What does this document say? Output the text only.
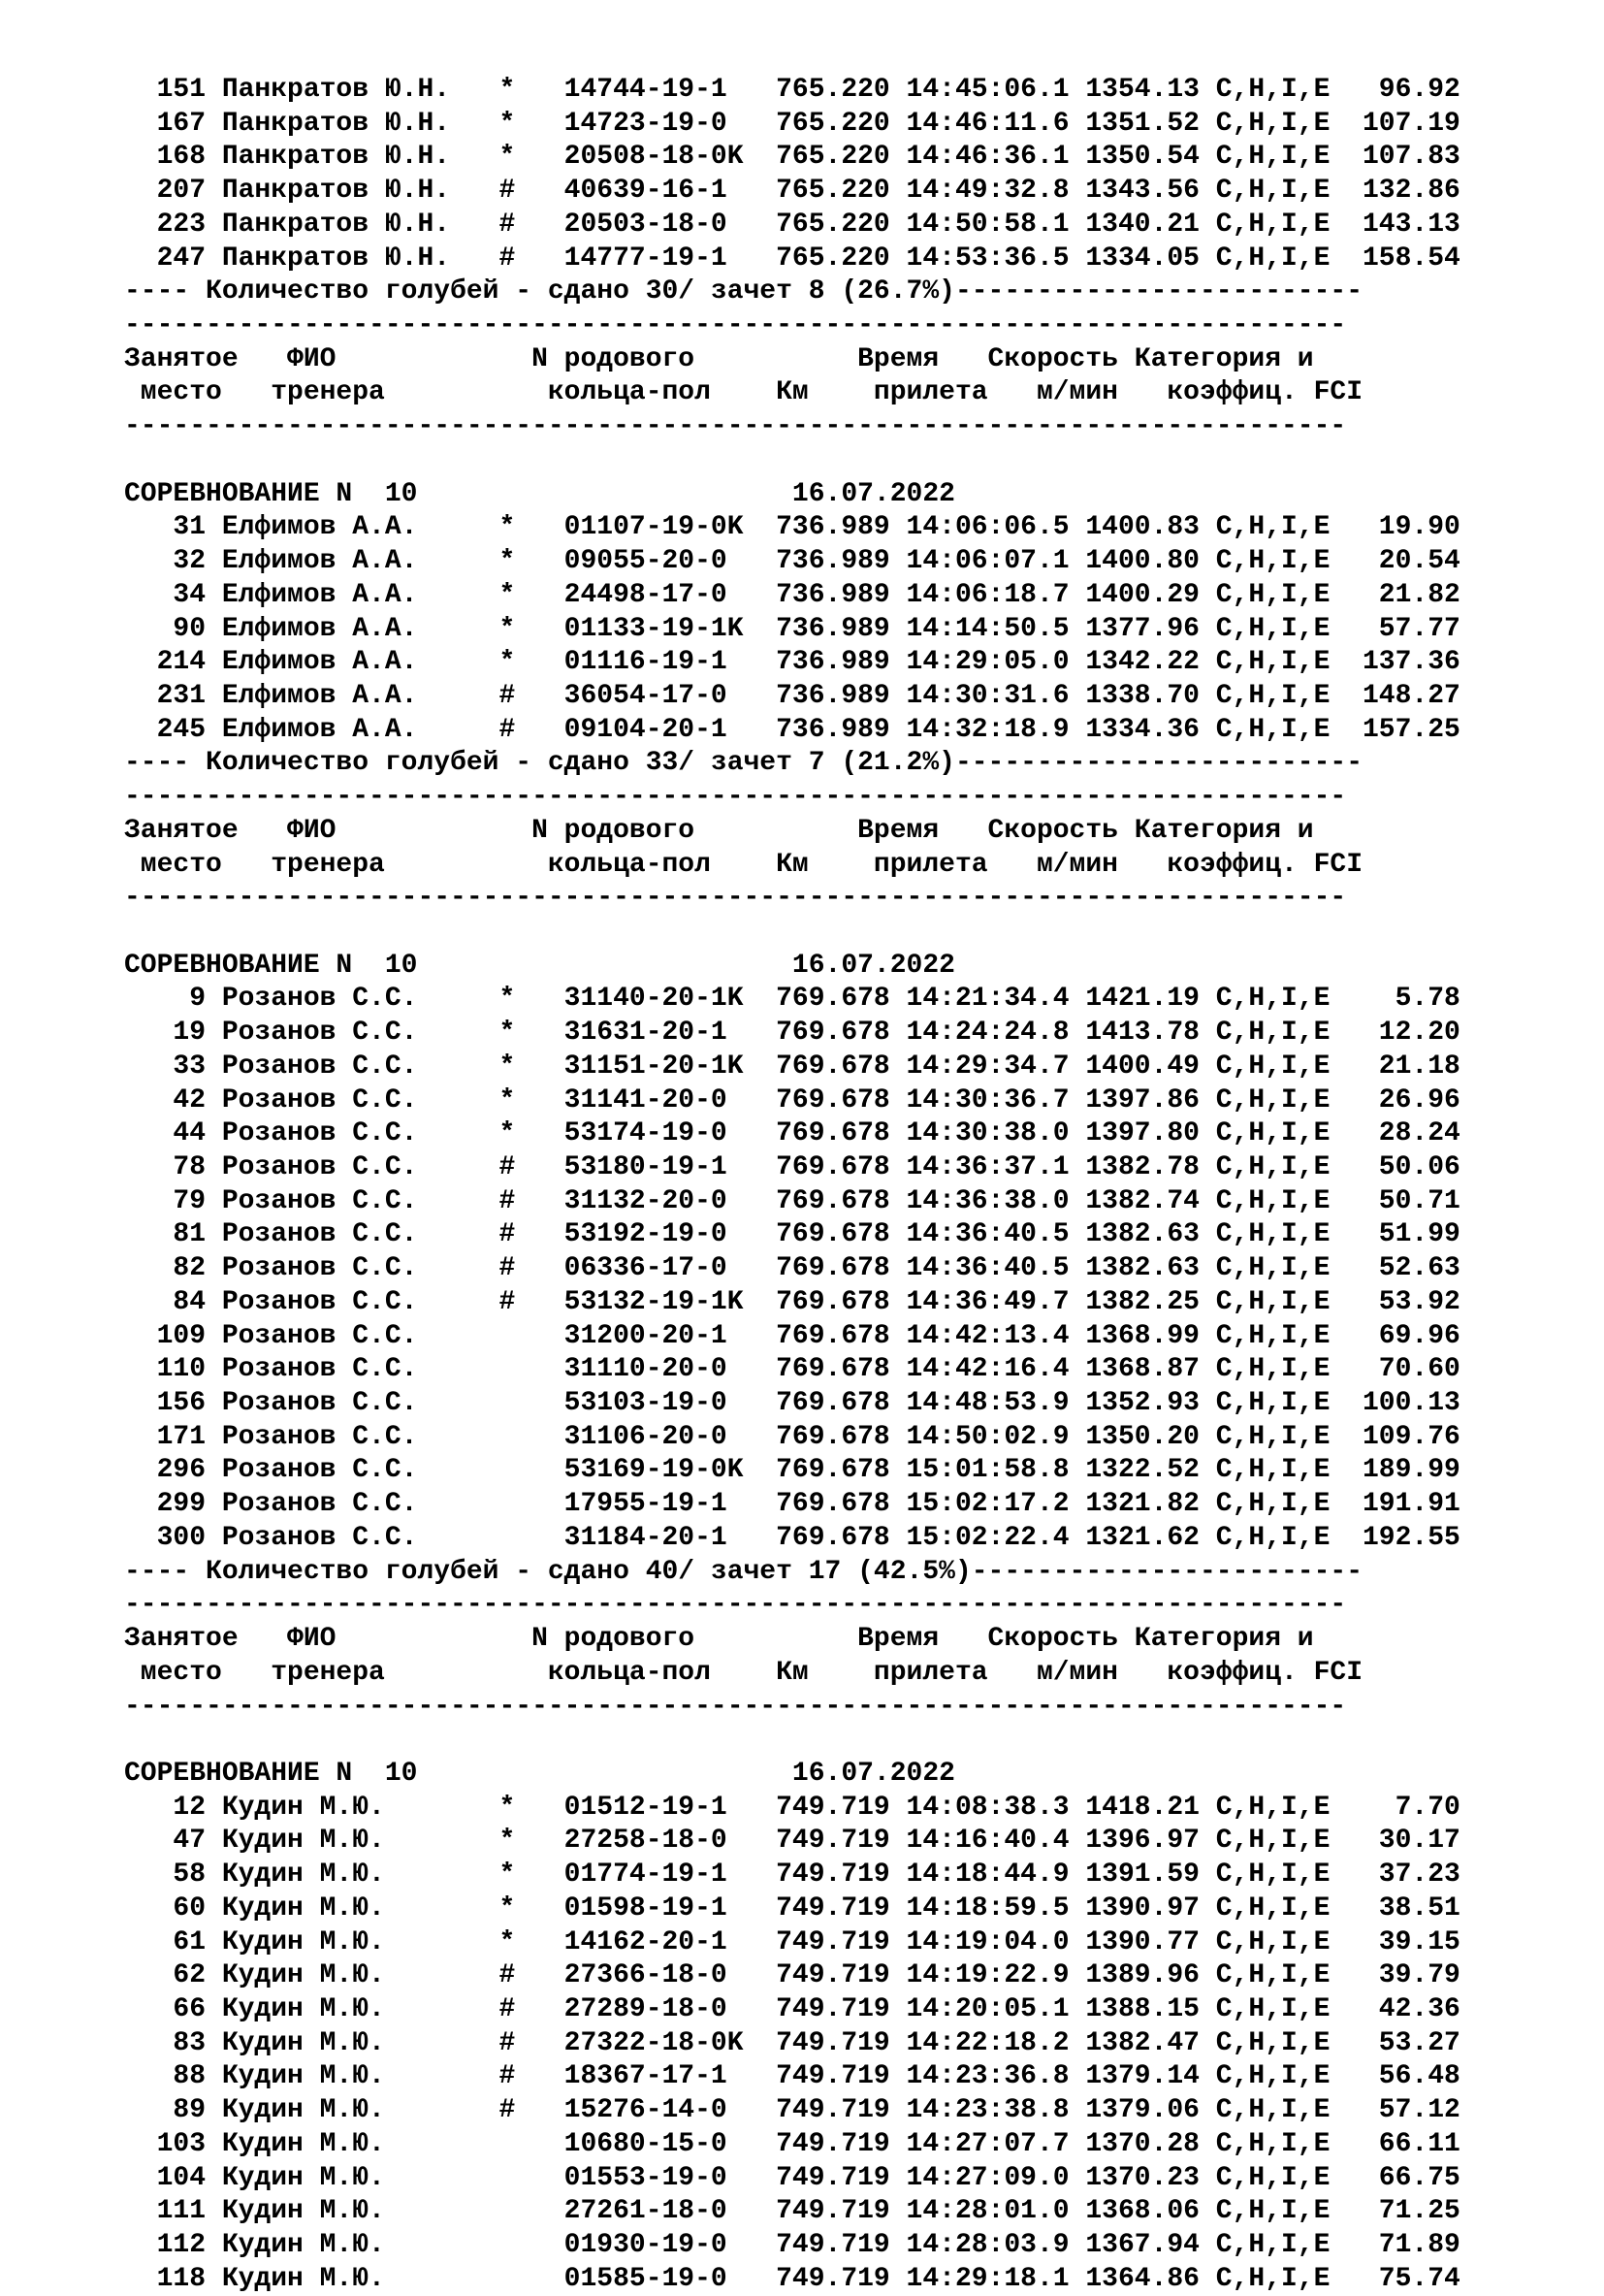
151 Панкратов Ю.Н.   *   14744-19-1   765.220 14:45:06.1 1354.13 C,H,I,E   96.92
167 Панкратов Ю.Н.   *   14723-19-0   765.220 14:46:11.6 1351.52 C,H,I,E  107.19
168 Панкратов Ю.Н.   *   20508-18-0K  765.220 14:46:36.1 1350.54 C,H,I,E  107.83
207 Панкратов Ю.Н.   #   40639-16-1   765.220 14:49:32.8 1343.56 C,H,I,E  132.86
223 Панкратов Ю.Н.   #   20503-18-0   765.220 14:50:58.1 1340.21 C,H,I,E  143.13
247 Панкратов Ю.Н.   #   14777-19-1   765.220 14:53:36.5 1334.05 C,H,I,E  158.54
---- Количество голубей - сдано 30/ зачет 8 (26.7%)-------------------------
---------------------------------------------------------------------------
Занятое   ФИО            N родового          Время   Скорость Категория и
место   тренера          кольца-пол    Км    прилета   м/мин   коэффиц. FCI
---------------------------------------------------------------------------
СОРЕВНОВАНИЕ N  10                       16.07.2022
31 Елфимов А.А.     *   01107-19-0K  736.989 14:06:06.5 1400.83 C,H,I,E   19.90
32 Елфимов А.А.     *   09055-20-0   736.989 14:06:07.1 1400.80 C,H,I,E   20.54
34 Елфимов А.А.     *   24498-17-0   736.989 14:06:18.7 1400.29 C,H,I,E   21.82
90 Елфимов А.А.     *   01133-19-1K  736.989 14:14:50.5 1377.96 C,H,I,E   57.77
214 Елфимов А.А.     *   01116-19-1   736.989 14:29:05.0 1342.22 C,H,I,E  137.36
231 Елфимов А.А.     #   36054-17-0   736.989 14:30:31.6 1338.70 C,H,I,E  148.27
245 Елфимов А.А.     #   09104-20-1   736.989 14:32:18.9 1334.36 C,H,I,E  157.25
---- Количество голубей - сдано 33/ зачет 7 (21.2%)-------------------------
---------------------------------------------------------------------------
Занятое   ФИО            N родового          Время   Скорость Категория и
место   тренера          кольца-пол    Км    прилета   м/мин   коэффиц. FCI
---------------------------------------------------------------------------
СОРЕВНОВАНИЕ N  10                       16.07.2022
9 Розанов С.С.     *   31140-20-1K  769.678 14:21:34.4 1421.19 C,H,I,E    5.78
19 Розанов С.С.     *   31631-20-1   769.678 14:24:24.8 1413.78 C,H,I,E   12.20
33 Розанов С.С.     *   31151-20-1K  769.678 14:29:34.7 1400.49 C,H,I,E   21.18
42 Розанов С.С.     *   31141-20-0   769.678 14:30:36.7 1397.86 C,H,I,E   26.96
44 Розанов С.С.     *   53174-19-0   769.678 14:30:38.0 1397.80 C,H,I,E   28.24
78 Розанов С.С.     #   53180-19-1   769.678 14:36:37.1 1382.78 C,H,I,E   50.06
79 Розанов С.С.     #   31132-20-0   769.678 14:36:38.0 1382.74 C,H,I,E   50.71
81 Розанов С.С.     #   53192-19-0   769.678 14:36:40.5 1382.63 C,H,I,E   51.99
82 Розанов С.С.     #   06336-17-0   769.678 14:36:40.5 1382.63 C,H,I,E   52.63
84 Розанов С.С.     #   53132-19-1K  769.678 14:36:49.7 1382.25 C,H,I,E   53.92
109 Розанов С.С.         31200-20-1   769.678 14:42:13.4 1368.99 C,H,I,E   69.96
110 Розанов С.С.         31110-20-0   769.678 14:42:16.4 1368.87 C,H,I,E   70.60
156 Розанов С.С.         53103-19-0   769.678 14:48:53.9 1352.93 C,H,I,E  100.13
171 Розанов С.С.         31106-20-0   769.678 14:50:02.9 1350.20 C,H,I,E  109.76
296 Розанов С.С.         53169-19-0K  769.678 15:01:58.8 1322.52 C,H,I,E  189.99
299 Розанов С.С.         17955-19-1   769.678 15:02:17.2 1321.82 C,H,I,E  191.91
300 Розанов С.С.         31184-20-1   769.678 15:02:22.4 1321.62 C,H,I,E  192.55
---- Количество голубей - сдано 40/ зачет 17 (42.5%)------------------------
---------------------------------------------------------------------------
Занятое   ФИО            N родового          Время   Скорость Категория и
место   тренера          кольца-пол    Км    прилета   м/мин   коэффиц. FCI
---------------------------------------------------------------------------
СОРЕВНОВАНИЕ N  10                       16.07.2022
12 Кудин М.Ю.       *   01512-19-1   749.719 14:08:38.3 1418.21 C,H,I,E    7.70
47 Кудин М.Ю.       *   27258-18-0   749.719 14:16:40.4 1396.97 C,H,I,E   30.17
58 Кудин М.Ю.       *   01774-19-1   749.719 14:18:44.9 1391.59 C,H,I,E   37.23
60 Кудин М.Ю.       *   01598-19-1   749.719 14:18:59.5 1390.97 C,H,I,E   38.51
61 Кудин М.Ю.       *   14162-20-1   749.719 14:19:04.0 1390.77 C,H,I,E   39.15
62 Кудин М.Ю.       #   27366-18-0   749.719 14:19:22.9 1389.96 C,H,I,E   39.79
66 Кудин М.Ю.       #   27289-18-0   749.719 14:20:05.1 1388.15 C,H,I,E   42.36
83 Кудин М.Ю.       #   27322-18-0K  749.719 14:22:18.2 1382.47 C,H,I,E   53.27
88 Кудин М.Ю.       #   18367-17-1   749.719 14:23:36.8 1379.14 C,H,I,E   56.48
89 Кудин М.Ю.       #   15276-14-0   749.719 14:23:38.8 1379.06 C,H,I,E   57.12
103 Кудин М.Ю.           10680-15-0   749.719 14:27:07.7 1370.28 C,H,I,E   66.11
104 Кудин М.Ю.           01553-19-0   749.719 14:27:09.0 1370.23 C,H,I,E   66.75
111 Кудин М.Ю.           27261-18-0   749.719 14:28:01.0 1368.06 C,H,I,E   71.25
112 Кудин М.Ю.           01930-19-0   749.719 14:28:03.9 1367.94 C,H,I,E   71.89
118 Кудин М.Ю.           01585-19-0   749.719 14:29:18.1 1364.86 C,H,I,E   75.74
